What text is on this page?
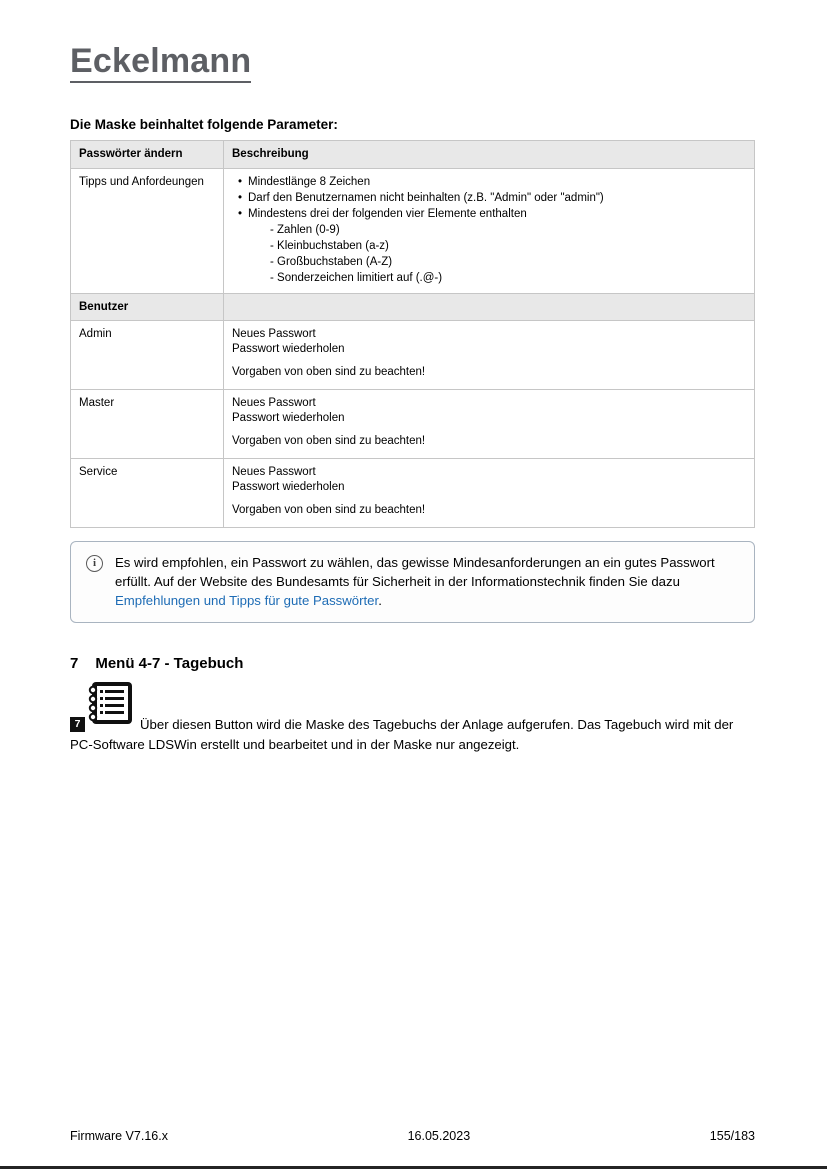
Eckelmann
Die Maske beinhaltet folgende Parameter:
Passwörter ändern	Beschreibung
Tipps und Anfordeungen	• Mindestlänge 8 Zeichen
• Darf den Benutzernamen nicht beinhalten (z.B. "Admin" oder "admin")
• Mindestens drei der folgenden vier Elemente enthalten
- Zahlen (0-9)
- Kleinbuchstaben (a-z)
- Großbuchstaben (A-Z)
- Sonderzeichen limitiert auf (.@-)

Benutzer	
Admin	Neues Passwort

Passwort wiederholen

Vorgaben von oben sind zu beachten!

Master	Neues Passwort

Passwort wiederholen

Vorgaben von oben sind zu beachten!

Service	Neues Passwort

Passwort wiederholen

Vorgaben von oben sind zu beachten!

i Es wird empfohlen, ein Passwort zu wählen, das gewisse Mindesanforderungen an ein gutes Passwort erfüllt. Auf der Website des Bundesamts für Sicherheit in der Informationstechnik finden Sie dazu Empfehlungen und Tipps für gute Passwörter.

7 Menü 4-7 - Tagebuch

7	Über diesen Button wird die Maske des Tagebuchs der Anlage aufgerufen. Das Tagebuch wird mit der PC-Software LDSWin erstellt und bearbeitet und in der Maske nur angezeigt.

Firmware V7.16.x	16.05.2023	155/183
